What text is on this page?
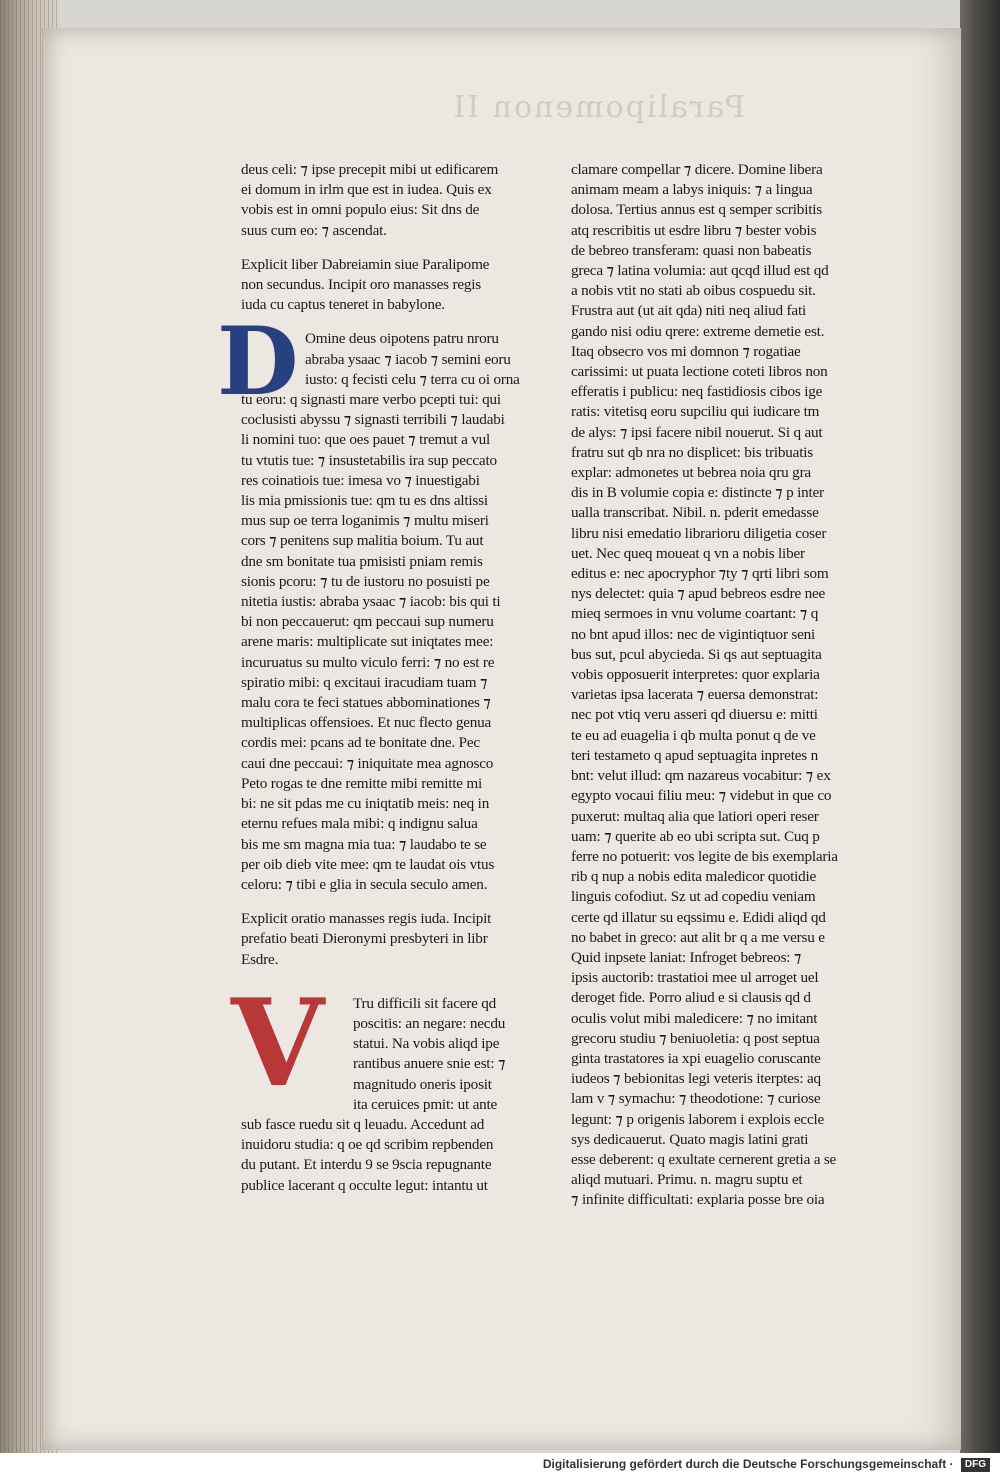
Paralipomenon II

deus celi: ⁊ ipse precepit mibi ut edificarem

ei domum in irlm que est in iudea. Quis ex

vobis est in omni populo eius: Sit dns de

suus cum eo: ⁊ ascendat.

Explicit liber Dabreiamin siue Paralipome

non secundus. Incipit oro manasses regis

iuda cu captus teneret in babylone.

D Omine deus oipotens patru nroru

abraba ysaac ⁊ iacob ⁊ semini eoru

iusto: q fecisti celu ⁊ terra cu oi orna

tu eoru: q signasti mare verbo pcepti tui: qui

coclusisti abyssu ⁊ signasti terribili ⁊ laudabi

li nomini tuo: que oes pauet ⁊ tremut a vul

tu vtutis tue: ⁊ insustetabilis ira sup peccato

res coinatiois tue: imesa vo ⁊ inuestigabi

lis mia pmissionis tue: qm tu es dns altissi

mus sup oe terra loganimis ⁊ multu miseri

cors ⁊ penitens sup malitia boium. Tu aut

dne sm bonitate tua pmisisti pniam remis

sionis pcoru: ⁊ tu de iustoru no posuisti pe

nitetia iustis: abraba ysaac ⁊ iacob: bis qui ti

bi non peccauerut: qm peccaui sup numeru

arene maris: multiplicate sut iniqtates mee:

incuruatus su multo viculo ferri: ⁊ no est re

spiratio mibi: q excitaui iracudiam tuam ⁊

malu cora te feci statues abbominationes ⁊

multiplicas offensioes. Et nuc flecto genua

cordis mei: pcans ad te bonitate dne. Pec

caui dne peccaui: ⁊ iniquitate mea agnosco

Peto rogas te dne remitte mibi remitte mi

bi: ne sit pdas me cu iniqtatib meis: neq in

eternu refues mala mibi: q indignu salua

bis me sm magna mia tua: ⁊ laudabo te se

per oib dieb vite mee: qm te laudat ois vtus

celoru: ⁊ tibi e glia in secula seculo amen.

Explicit oratio manasses regis iuda. Incipit

prefatio beati Dieronymi presbyteri in libr

Esdre.

V	Tru difficili sit facere qd

poscitis: an negare: necdu

statui. Na vobis aliqd ipe

rantibus anuere snie est: ⁊

magnitudo oneris iposit

ita ceruices pmit: ut ante

sub fasce ruedu sit q leuadu. Accedunt ad

inuidoru studia: q oe qd scribim repbenden

du putant. Et interdu 9 se 9scia repugnante

publice lacerant q occulte legut: intantu ut

clamare compellar ⁊ dicere. Domine libera

animam meam a labys iniquis: ⁊ a lingua

dolosa. Tertius annus est q semper scribitis

atq rescribitis ut esdre libru ⁊ bester vobis

de bebreo transferam: quasi non babeatis

greca ⁊ latina volumia: aut qcqd illud est qd

a nobis vtit no stati ab oibus cospuedu sit.

Frustra aut (ut ait qda) niti neq aliud fati

gando nisi odiu qrere: extreme demetie est.

Itaq obsecro vos mi domnon ⁊ rogatiae

carissimi: ut puata lectione coteti libros non

efferatis i publicu: neq fastidiosis cibos ige

ratis: vitetisq eoru supciliu qui iudicare tm

de alys: ⁊ ipsi facere nibil nouerut. Si q aut

fratru sut qb nra no displicet: bis tribuatis

explar: admonetes ut bebrea noia qru gra

dis in B volumie copia e: distincte ⁊ p inter

ualla transcribat. Nibil. n. pderit emedasse

libru nisi emedatio librarioru diligetia coser

uet. Nec queq moueat q vn a nobis liber

editus e: nec apocryphor ⁊ty ⁊ qrti libri som

nys delectet: quia ⁊ apud bebreos esdre nee

mieq sermoes in vnu volume coartant: ⁊ q

no bnt apud illos: nec de vigintiqtuor seni

bus sut, pcul abycieda. Si qs aut septuagita

vobis opposuerit interpretes: quor explaria

varietas ipsa lacerata ⁊ euersa demonstrat:

nec pot vtiq veru asseri qd diuersu e: mitti

te eu ad euagelia i qb multa ponut q de ve

teri testameto q apud septuagita inpretes n

bnt: velut illud: qm nazareus vocabitur: ⁊ ex

egypto vocaui filiu meu: ⁊ videbut in que co

puxerut: multaq alia que latiori operi reser

uam: ⁊ querite ab eo ubi scripta sut. Cuq p

ferre no potuerit: vos legite de bis exemplaria

rib q nup a nobis edita maledicor quotidie

linguis cofodiut. Sz ut ad copediu veniam

certe qd illatur su eqssimu e. Edidi aliqd qd

no babet in greco: aut alit br q a me versu e

Quid inpsete laniat: Infroget bebreos: ⁊

ipsis auctorib: trastatioi mee ul arroget uel

deroget fide. Porro aliud e si clausis qd d

oculis volut mibi maledicere: ⁊ no imitant

grecoru studiu ⁊ beniuoletia: q post septua

ginta trastatores ia xpi euagelio coruscante

iudeos ⁊ bebionitas legi veteris iterptes: aq

lam v ⁊ symachu: ⁊ theodotione: ⁊ curiose

legunt: ⁊ p origenis laborem i explois eccle

sys dedicauerut. Quato magis latini grati

esse deberent: q exultate cernerent gretia a se

aliqd mutuari. Primu. n. magru suptu et

⁊ infinite difficultati: explaria posse bre oia

Digitalisierung gefördert durch die Deutsche Forschungsgemeinschaft · DFG
